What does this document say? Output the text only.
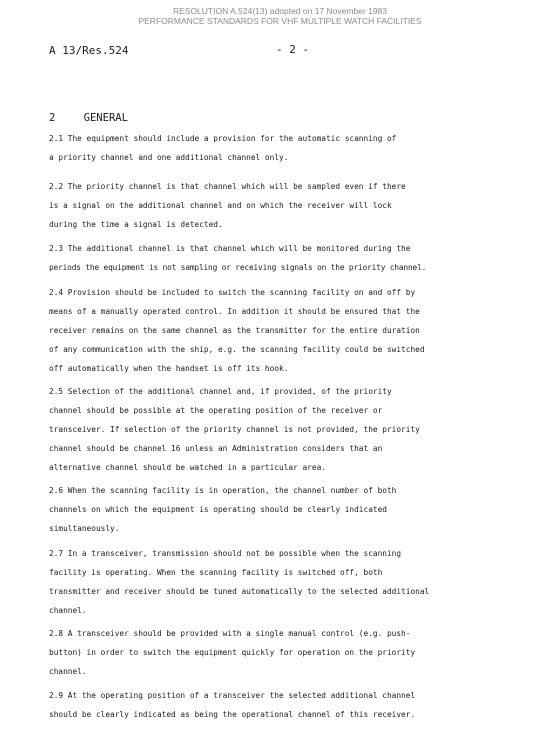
RESOLUTION A.524(13) adopted on 17 November 1983
PERFORMANCE STANDARDS FOR VHF MULTIPLE WATCH FACILITIES
A 13/Res.524	- 2 -
2	GENERAL
2.1 The equipment should include a provision for the automatic scanning of
a priority channel and one additional channel only.
2.2 The priority channel is that channel which will be sampled even if there
is a signal on the additional channel and on which the receiver will lock
during the time a signal is detected.
2.3 The additional channel is that channel which will be monitored during the
periods the equipment is not sampling or receiving signals on the priority channel.
2.4 Provision should be included to switch the scanning facility on and off by
means of a manually operated control. In addition it should be ensured that the
receiver remains on the same channel as the transmitter for the entire duration
of any communication with the ship, e.g. the scanning facility could be switched
off automatically when the handset is off its hook.
2.5 Selection of the additional channel and, if provided, of the priority
channel should be possible at the operating position of the receiver or
transceiver. If selection of the priority channel is not provided, the priority
channel should be channel 16 unless an Administration considers that an
alternative channel should be watched in a particular area.
2.6 When the scanning facility is in operation, the channel number of both
channels on which the equipment is operating should be clearly indicated
simultaneously.
2.7 In a transceiver, transmission should not be possible when the scanning
facility is operating. When the scanning facility is switched off, both
transmitter and receiver should be tuned automatically to the selected additional
channel.
2.8 A transceiver should be provided with a single manual control (e.g. push-
button) in order to switch the equipment quickly for operation on the priority
channel.
2.9 At the operating position of a transceiver the selected additional channel
should be clearly indicated as being the operational channel of this receiver.
